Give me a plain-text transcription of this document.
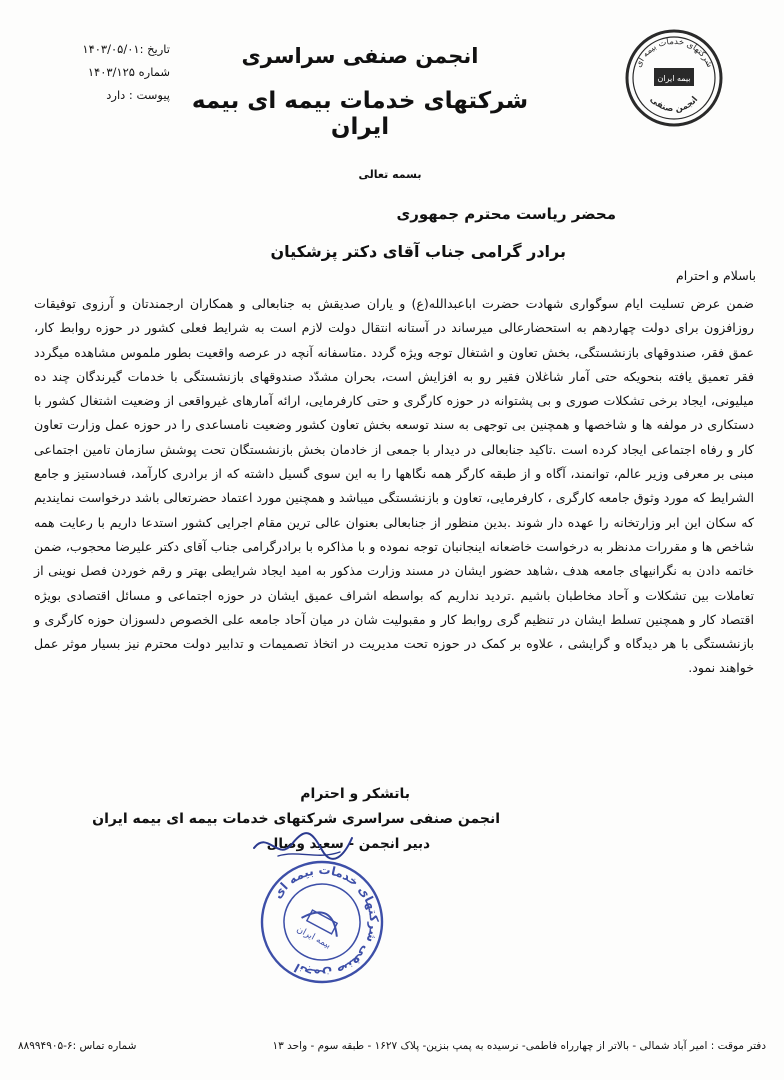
شرکتهای خدمات بیمه ای
بیمه ایران
انجمن صنفی
انجمن صنفی سراسری
شرکتهای خدمات بیمه ای بیمه ایران
تاریخ :۱۴۰۳/۰۵/۰۱
شماره ۱۴۰۳/۱۲۵
پیوست : دارد
بسمه تعالی
محضر ریاست محترم جمهوری
برادر گرامی جناب آقای دکتر پزشکیان
باسلام و احترام

ضمن عرض تسلیت ایام سوگواری شهادت حضرت اباعبدالله(ع) و یاران صدیقش به جنابعالی و همکاران ارجمندتان و آرزوی توفیقات روزافزون برای دولت چهاردهم به استحضارعالی میرساند در آستانه انتقال دولت لازم است به شرایط فعلی کشور در حوزه روابط کار، عمق فقر، صندوقهای بازنشستگی، بخش تعاون و اشتغال توجه ویژه گردد .متاسفانه آنچه در عرصه واقعیت بطور ملموس مشاهده میگردد فقر تعمیق یافته بنحویکه حتی آمار شاغلان فقیر رو به افزایش است، بحران مشدّد صندوقهای بازنشستگی با خدمات گیرندگان چند ده میلیونی، ایجاد برخی تشکلات صوری و بی پشتوانه در حوزه کارگری و حتی کارفرمایی، ارائه آمارهای غیرواقعی از وضعیت اشتغال کشور با دستکاری در مولفه ها و شاخصها و همچنین بی توجهی به سند توسعه بخش تعاون کشور وضعیت نامساعدی را در حوزه عمل وزارت تعاون کار و رفاه اجتماعی ایجاد کرده است .تاکید جنابعالی در دیدار با جمعی از خادمان بخش بازنشستگان تحت پوشش سازمان تامین اجتماعی مبنی بر معرفی وزیر عالم، توانمند، آگاه و از طبقه کارگر همه نگاهها را به این سوی گسیل داشته که از برادری کارآمد، فسادستیز و جامع الشرایط که مورد وثوق جامعه کارگری ، کارفرمایی، تعاون و بازنشستگی میباشد و همچنین مورد اعتماد حضرتعالی باشد درخواست نمایندیم که سکان این ابر وزارتخانه را عهده دار شوند .بدین منظور از جنابعالی بعنوان عالی ترین مقام اجرایی کشور استدعا داریم با رعایت همه شاخص ها و مقررات مدنظر به درخواست خاضعانه اینجانبان توجه نموده و با مذاکره با برادرگرامی جناب آقای دکتر علیرضا محجوب، ضمن خاتمه دادن به نگرانیهای جامعه هدف ،شاهد حضور ایشان در مسند وزارت مذکور به امید ایجاد شرایطی بهتر و رقم خوردن فصل نوینی از تعاملات بین تشکلات و آحاد مخاطبان باشیم .تردید نداریم که بواسطه اشراف عمیق ایشان در حوزه اجتماعی و مسائل اقتصادی بویژه اقتصاد کار و همچنین تسلط ایشان در تنظیم گری روابط کار و مقبولیت شان در میان آحاد جامعه علی الخصوص دلسوزان حوزه کارگری و بازنشستگی با هر دیدگاه و گرایشی ، علاوه بر کمک در حوزه تحت مدیریت در اتخاذ تصمیمات و تدابیر دولت محترم نیز بسیار موثر عمل خواهند نمود.

باتشکر و احترام
انجمن صنفی سراسری شرکتهای خدمات بیمه ای بیمه ایران
دبیر انجمن - سعید وصال
انجمن صنفی شرکتهای خدمات بیمه ای
بیمه ایران
دفتر موقت : امیر آباد شمالی - بالاتر از چهارراه فاطمی- نرسیده به پمپ بنزین- پلاک ۱۶۲۷ - طبقه سوم - واحد ۱۳
شماره تماس :۶-۸۸۹۹۴۹۰۵
